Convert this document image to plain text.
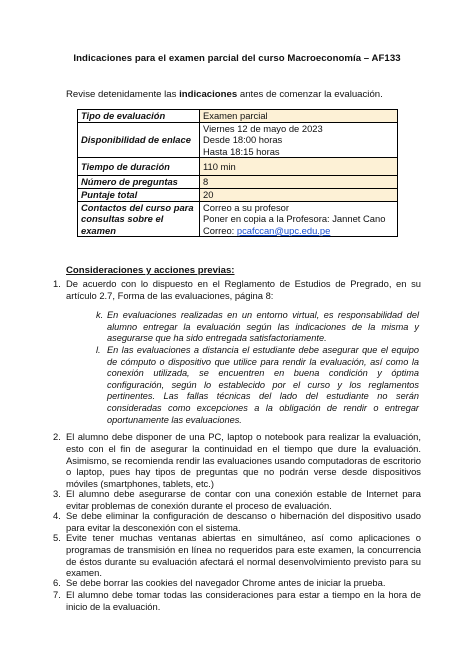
Indicaciones para el examen parcial del curso Macroeconomía – AF133
Revise detenidamente las indicaciones antes de comenzar la evaluación.
Tipo de evaluación	Examen parcial
Disponibilidad de enlace	Viernes 12 de mayo de 2023
Desde 18:00 horas
Hasta 18:15 horas

Tiempo de duración	110 min
Número de preguntas	8
Puntaje total	20
Contactos del curso para consultas sobre el examen	Correo a su profesor
Poner en copia a la Profesora: Jannet Cano
Correo: pcafccan@upc.edu.pe
Consideraciones y acciones previas:
1. De acuerdo con lo dispuesto en el Reglamento de Estudios de Pregrado, en su artículo 2.7, Forma de las evaluaciones, página 8:
k. En evaluaciones realizadas en un entorno virtual, es responsabilidad del alumno entregar la evaluación según las indicaciones de la misma y asegurarse que ha sido entregada satisfactoriamente.
l. En las evaluaciones a distancia el estudiante debe asegurar que el equipo de cómputo o dispositivo que utilice para rendir la evaluación, así como la conexión utilizada, se encuentren en buena condición y óptima configuración, según lo establecido por el curso y los reglamentos pertinentes. Las fallas técnicas del lado del estudiante no serán consideradas como excepciones a la obligación de rendir o entregar oportunamente las evaluaciones.
2. El alumno debe disponer de una PC, laptop o notebook para realizar la evaluación, esto con el fin de asegurar la continuidad en el tiempo que dure la evaluación. Asimismo, se recomienda rendir las evaluaciones usando computadoras de escritorio o laptop, pues hay tipos de preguntas que no podrán verse desde dispositivos móviles (smartphones, tablets, etc.)
3. El alumno debe asegurarse de contar con una conexión estable de Internet para evitar problemas de conexión durante el proceso de evaluación.
4. Se debe eliminar la configuración de descanso o hibernación del dispositivo usado para evitar la desconexión con el sistema.
5. Evite tener muchas ventanas abiertas en simultáneo, así como aplicaciones o programas de transmisión en línea no requeridos para este examen, la concurrencia de éstos durante su evaluación afectará el normal desenvolvimiento previsto para su examen.
6. Se debe borrar las cookies del navegador Chrome antes de iniciar la prueba.
7. El alumno debe tomar todas las consideraciones para estar a tiempo en la hora de inicio de la evaluación.
